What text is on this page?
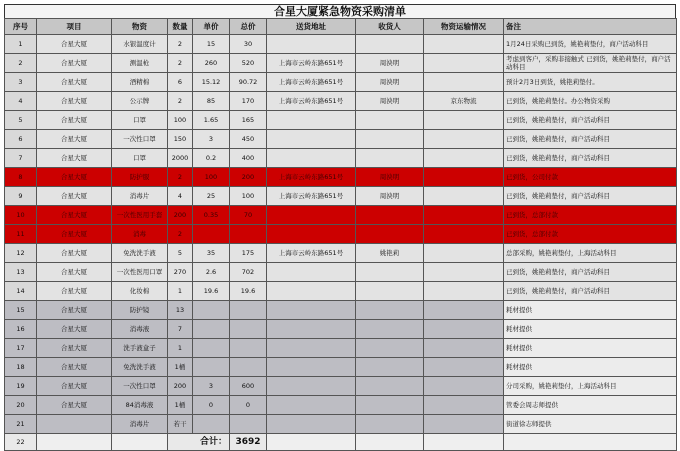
合星大厦紧急物资采购清单
序号	项目	物资	数量	单价	总价	送货地址	收货人	物资运输情况	备注
1	合星大厦	水银温度计	2	15	30				1月24日采购已到货，姚艳莉垫付，商户活动科目
2	合星大厦	测温枪	2	260	520	上海市云岭东路651号	周泱明		考虑到客户，采购非接触式 已到货，姚艳莉垫付，商户活动科目
3	合星大厦	酒精棉	6	15.12	90.72	上海市云岭东路651号	周泱明		预计2月3日到货，姚艳莉垫付。
4	合星大厦	公示牌	2	85	170	上海市云岭东路651号	周泱明	京东物流	已到货，姚艳莉垫付。办公物资采购
5	合星大厦	口罩	100	1.65	165				已到货，姚艳莉垫付，商户活动科目
6	合星大厦	一次性口罩	150	3	450				已到货，姚艳莉垫付，商户活动科目
7	合星大厦	口罩	2000	0.2	400				已到货，姚艳莉垫付，商户活动科目
8	合星大厦	防护服	2	100	200	上海市云岭东路651号	周泱明		已到货，公司付款
9	合星大厦	消毒片	4	25	100	上海市云岭东路651号	周泱明		已到货，姚艳莉垫付，商户活动科目
10	合星大厦	一次性医用手套	200	0.35	70				已到货，总部付款
11	合星大厦	消毒	2						已到货，总部付款
12	合星大厦	免洗洗手液	5	35	175	上海市云岭东路651号	姚艳莉		总部采购，姚艳莉垫付，上海活动科目
13	合星大厦	一次性医用口罩	270	2.6	702				已到货，姚艳莉垫付，商户活动科目
14	合星大厦	化妆棉	1	19.6	19.6				已到货，姚艳莉垫付，商户活动科目
15	合星大厦	防护镜	13						耗材提供
16	合星大厦	消毒液	7						耗材提供
17	合星大厦	洗手液盒子	1						耗材提供
18	合星大厦	免洗洗手液	1桶						耗材提供
19	合星大厦	一次性口罩	200	3	600				分司采购，姚艳莉垫付，上海活动科目
20	合星大厦	84消毒液	1桶	0	0				管委会周志师提供
21		消毒片	若干						街道徐志师提供
22			合计：		3692				
